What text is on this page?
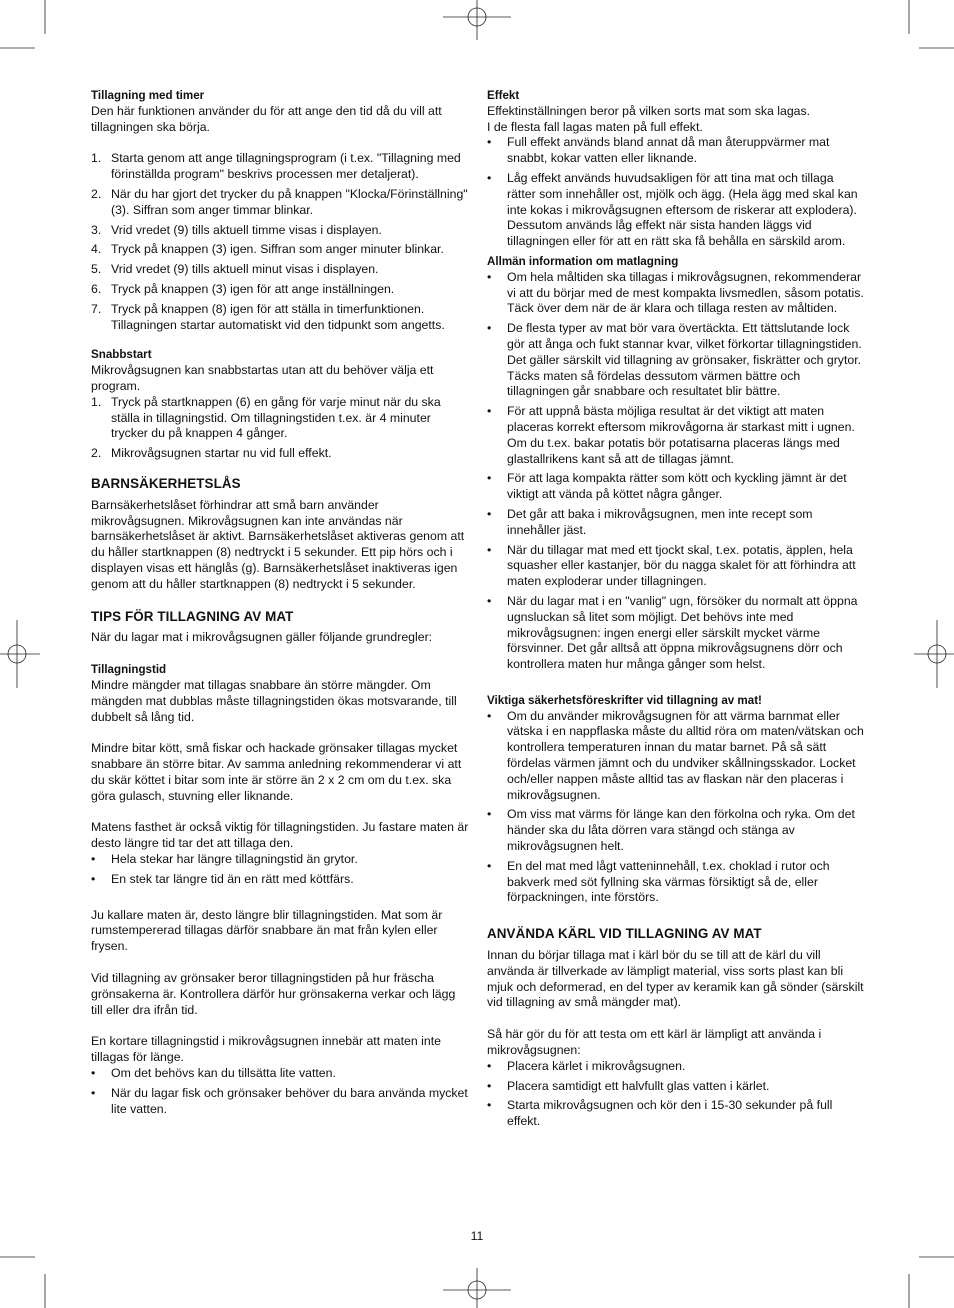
Tillagning med timer

Den här funktionen använder du för att ange den tid då du vill att tillagningen ska börja.

1. Starta genom att ange tillagningsprogram (i t.ex. "Tillagning med förinställda program" beskrivs processen mer detaljerat).
2. När du har gjort det trycker du på knappen "Klocka/Förinställning" (3). Siffran som anger timmar blinkar.
3. Vrid vredet (9) tills aktuell timme visas i displayen.
4. Tryck på knappen (3) igen. Siffran som anger minuter blinkar.
5. Vrid vredet (9) tills aktuell minut visas i displayen.
6. Tryck på knappen (3) igen för att ange inställningen.
7. Tryck på knappen (8) igen för att ställa in timerfunktionen. Tillagningen startar automatiskt vid den tidpunkt som angetts.

Snabbstart

Mikrovågsugnen kan snabbstartas utan att du behöver välja ett program.

1. Tryck på startknappen (6) en gång för varje minut när du ska ställa in tillagningstid. Om tillagningstiden t.ex. är 4 minuter trycker du på knappen 4 gånger.
2. Mikrovågsugnen startar nu vid full effekt.

BARNSÄKERHETSLÅS

Barnsäkerhetslåset förhindrar att små barn använder mikrovågsugnen. Mikrovågsugnen kan inte användas när barnsäkerhetslåset är aktivt. Barnsäkerhetslåset aktiveras genom att du håller startknappen (8) nedtryckt i 5 sekunder. Ett pip hörs och i displayen visas ett hänglås (g). Barnsäkerhetslåset inaktiveras igen genom att du håller startknappen (8) nedtryckt i 5 sekunder.

TIPS FÖR TILLAGNING AV MAT

När du lagar mat i mikrovågsugnen gäller följande grundregler:

Tillagningstid

Mindre mängder mat tillagas snabbare än större mängder. Om mängden mat dubblas måste tillagningstiden ökas motsvarande, till dubbelt så lång tid.

Mindre bitar kött, små fiskar och hackade grönsaker tillagas mycket snabbare än större bitar. Av samma anledning rekommenderar vi att du skär köttet i bitar som inte är större än 2 x 2 cm om du t.ex. ska göra gulasch, stuvning eller liknande.

Matens fasthet är också viktig för tillagningstiden. Ju fastare maten är desto längre tid tar det att tillaga den.

• Hela stekar har längre tillagningstid än grytor.
• En stek tar längre tid än en rätt med köttfärs.

Ju kallare maten är, desto längre blir tillagningstiden. Mat som är rumstempererad tillagas därför snabbare än mat från kylen eller frysen.

Vid tillagning av grönsaker beror tillagningstiden på hur fräscha grönsakerna är. Kontrollera därför hur grönsakerna verkar och lägg till eller dra ifrån tid.

En kortare tillagningstid i mikrovågsugnen innebär att maten inte tillagas för länge.

• Om det behövs kan du tillsätta lite vatten.
• När du lagar fisk och grönsaker behöver du bara använda mycket lite vatten.

Effekt

Effektinställningen beror på vilken sorts mat som ska lagas.

I de flesta fall lagas maten på full effekt.

• Full effekt används bland annat då man återuppvärmer mat snabbt, kokar vatten eller liknande.
• Låg effekt används huvudsakligen för att tina mat och tillaga rätter som innehåller ost, mjölk och ägg. (Hela ägg med skal kan inte kokas i mikrovågsugnen eftersom de riskerar att explodera). Dessutom används låg effekt när sista handen läggs vid tillagningen eller för att en rätt ska få behålla en särskild arom.

Allmän information om matlagning

• Om hela måltiden ska tillagas i mikrovågsugnen, rekommenderar vi att du börjar med de mest kompakta livsmedlen, såsom potatis. Täck över dem när de är klara och tillaga resten av måltiden.
• De flesta typer av mat bör vara övertäckta. Ett tättslutande lock gör att ånga och fukt stannar kvar, vilket förkortar tillagningstiden. Det gäller särskilt vid tillagning av grönsaker, fiskrätter och grytor. Täcks maten så fördelas dessutom värmen bättre och tillagningen går snabbare och resultatet blir bättre.
• För att uppnå bästa möjliga resultat är det viktigt att maten placeras korrekt eftersom mikrovågorna är starkast mitt i ugnen. Om du t.ex. bakar potatis bör potatisarna placeras längs med glastallrikens kant så att de tillagas jämnt.
• För att laga kompakta rätter som kött och kyckling jämnt är det viktigt att vända på köttet några gånger.
• Det går att baka i mikrovågsugnen, men inte recept som innehåller jäst.
• När du tillagar mat med ett tjockt skal, t.ex. potatis, äpplen, hela squasher eller kastanjer, bör du nagga skalet för att förhindra att maten exploderar under tillagningen.
• När du lagar mat i en "vanlig" ugn, försöker du normalt att öppna ugnsluckan så litet som möjligt. Det behövs inte med mikrovågsugnen: ingen energi eller särskilt mycket värme försvinner. Det går alltså att öppna mikrovågsugnens dörr och kontrollera maten hur många gånger som helst.

Viktiga säkerhetsföreskrifter vid tillagning av mat!

• Om du använder mikrovågsugnen för att värma barnmat eller vätska i en nappflaska måste du alltid röra om maten/vätskan och kontrollera temperaturen innan du matar barnet. På så sätt fördelas värmen jämnt och du undviker skållningsskador. Locket och/eller nappen måste alltid tas av flaskan när den placeras i mikrovågsugnen.
• Om viss mat värms för länge kan den förkolna och ryka. Om det händer ska du låta dörren vara stängd och stänga av mikrovågsugnen helt.
• En del mat med lågt vatteninnehåll, t.ex. choklad i rutor och bakverk med söt fyllning ska värmas försiktigt så de, eller förpackningen, inte förstörs.

ANVÄNDA KÄRL VID TILLAGNING AV MAT

Innan du börjar tillaga mat i kärl bör du se till att de kärl du vill använda är tillverkade av lämpligt material, viss sorts plast kan bli mjuk och deformerad, en del typer av keramik kan gå sönder (särskilt vid tillagning av små mängder mat).

Så här gör du för att testa om ett kärl är lämpligt att använda i mikrovågsugnen:

• Placera kärlet i mikrovågsugnen.
• Placera samtidigt ett halvfullt glas vatten i kärlet.
• Starta mikrovågsugnen och kör den i 15-30 sekunder på full effekt.
11
